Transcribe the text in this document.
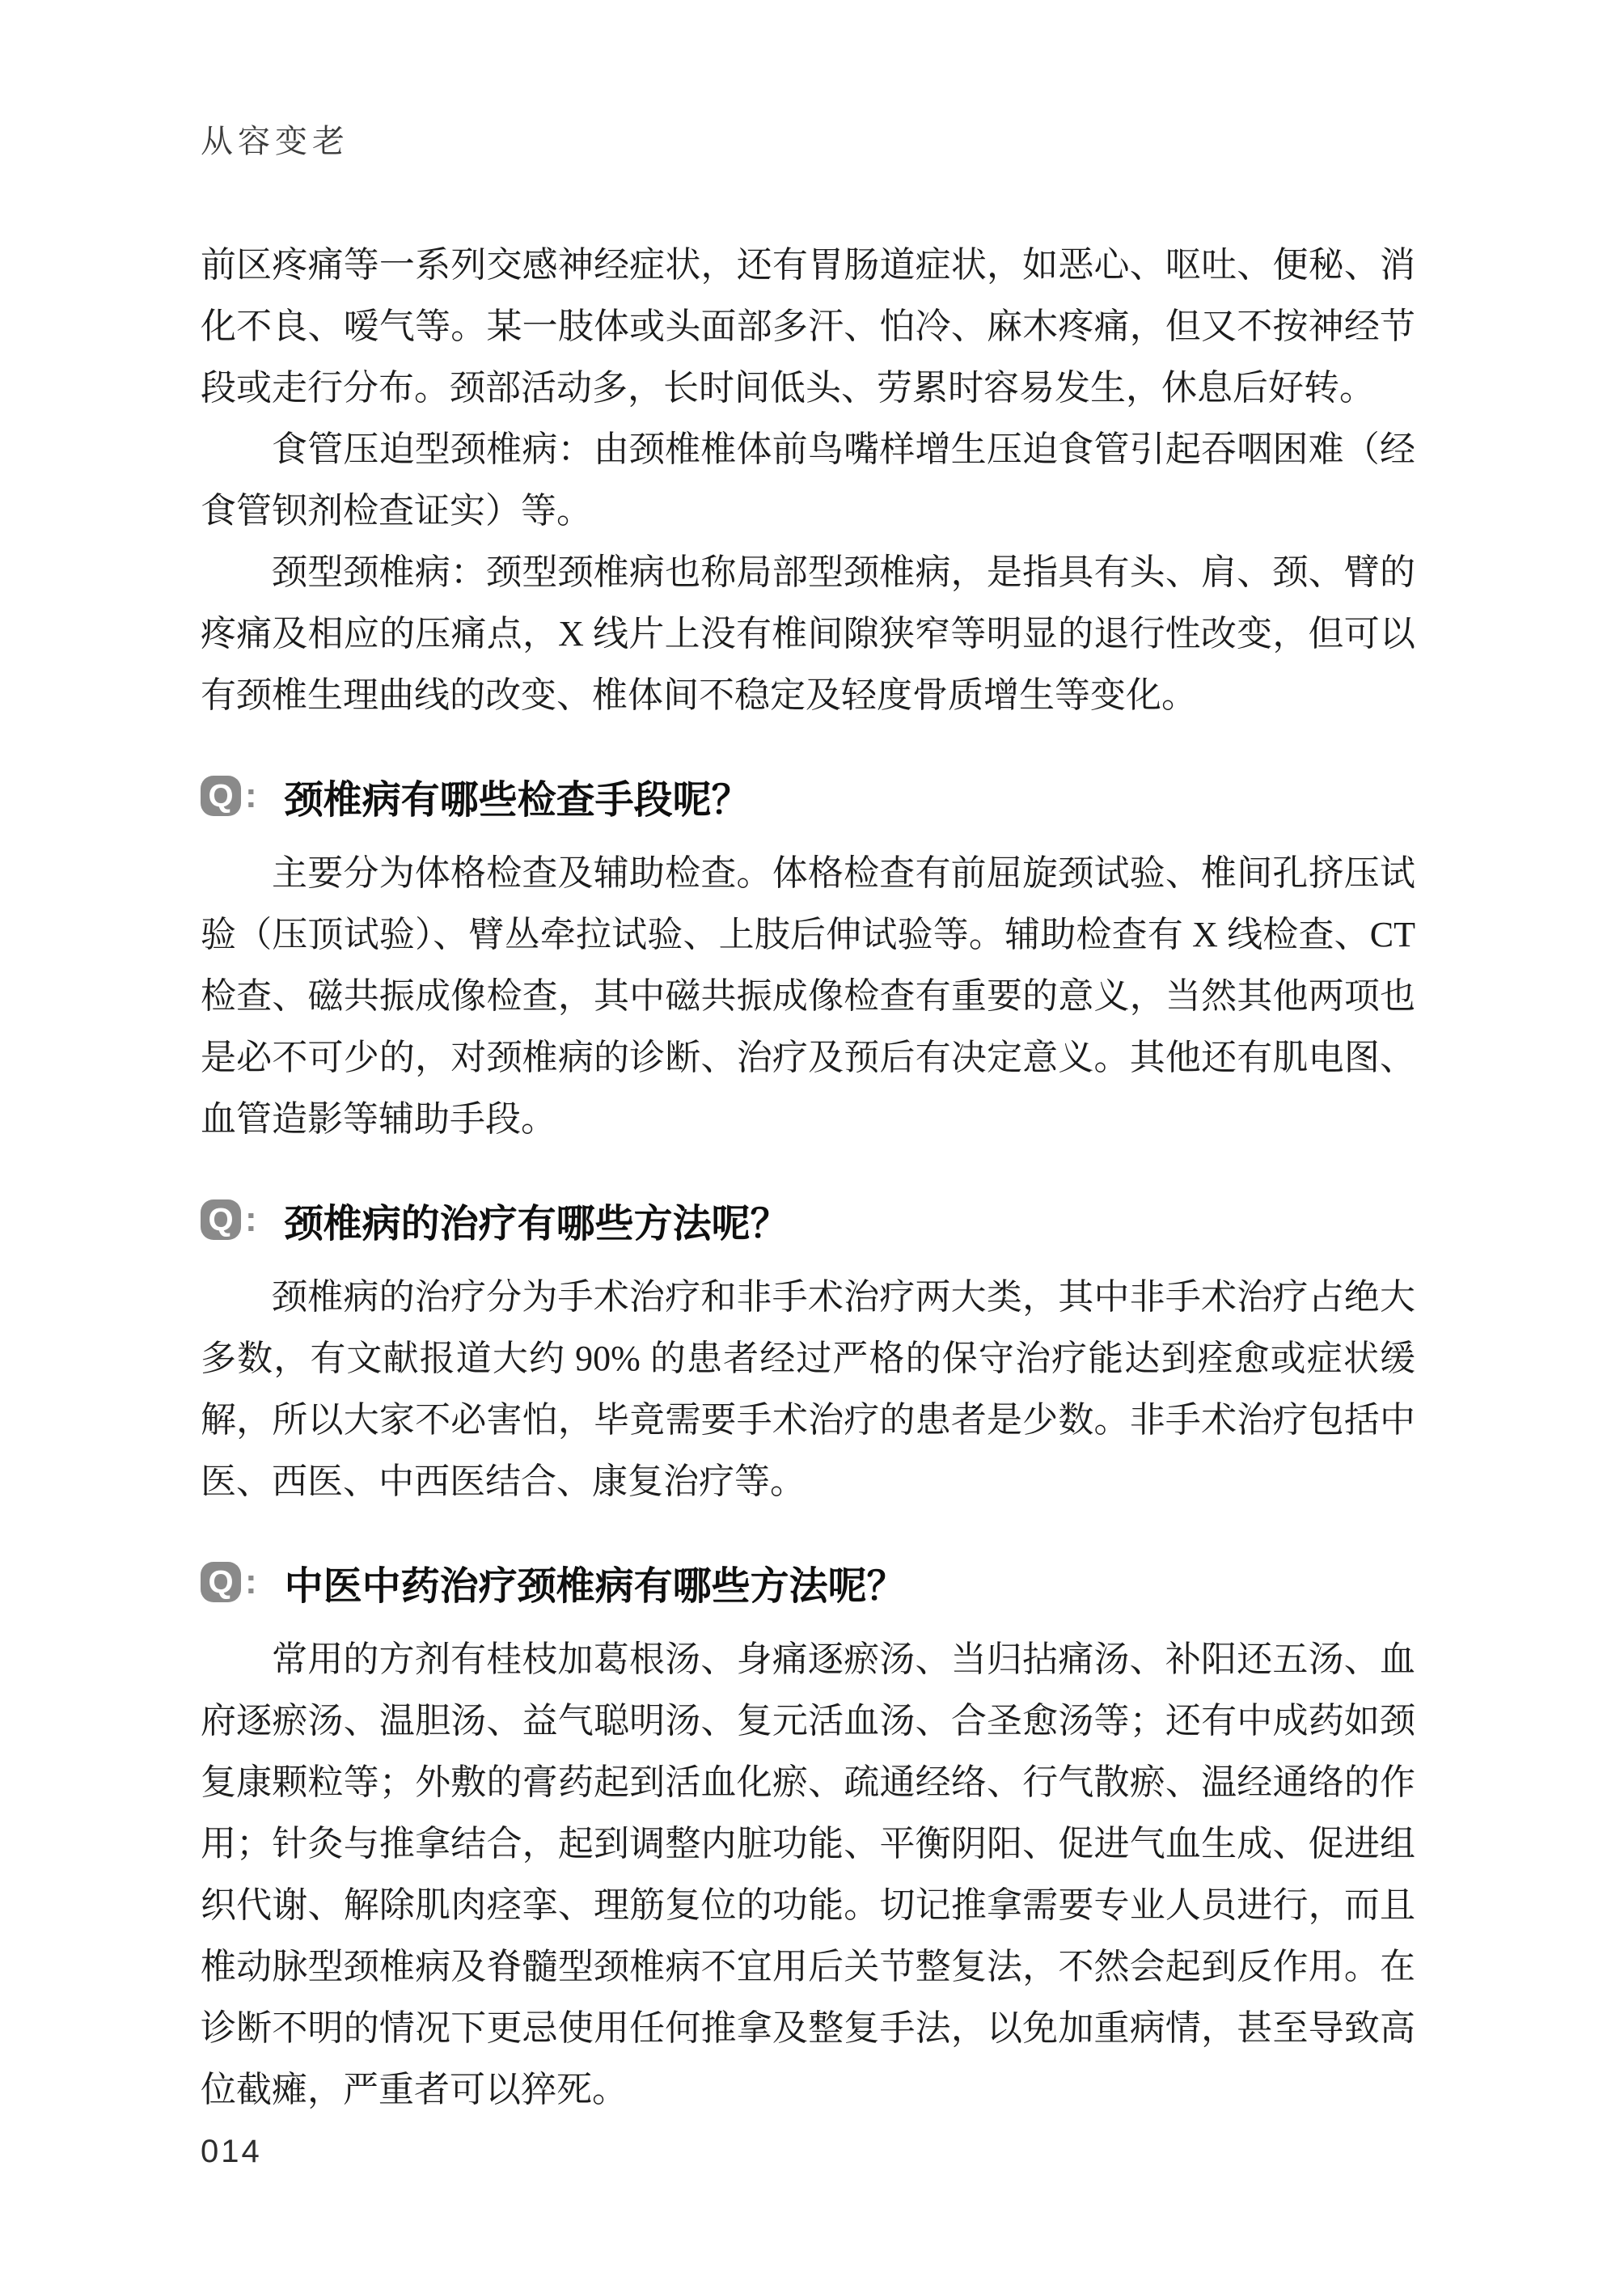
从容变老

前区疼痛等一系列交感神经症状，还有胃肠道症状，如恶心、呕吐、便秘、消化不良、嗳气等。某一肢体或头面部多汗、怕冷、麻木疼痛，但又不按神经节段或走行分布。颈部活动多，长时间低头、劳累时容易发生，休息后好转。

食管压迫型颈椎病：由颈椎椎体前鸟嘴样增生压迫食管引起吞咽困难（经食管钡剂检查证实）等。

颈型颈椎病：颈型颈椎病也称局部型颈椎病，是指具有头、肩、颈、臂的疼痛及相应的压痛点，X 线片上没有椎间隙狭窄等明显的退行性改变，但可以有颈椎生理曲线的改变、椎体间不稳定及轻度骨质增生等变化。

Q : 颈椎病有哪些检查手段呢？

主要分为体格检查及辅助检查。体格检查有前屈旋颈试验、椎间孔挤压试验（压顶试验）、臂丛牵拉试验、上肢后伸试验等。辅助检查有 X 线检查、CT 检查、磁共振成像检查，其中磁共振成像检查有重要的意义，当然其他两项也是必不可少的，对颈椎病的诊断、治疗及预后有决定意义。其他还有肌电图、血管造影等辅助手段。

Q : 颈椎病的治疗有哪些方法呢？

颈椎病的治疗分为手术治疗和非手术治疗两大类，其中非手术治疗占绝大多数，有文献报道大约 90% 的患者经过严格的保守治疗能达到痊愈或症状缓解，所以大家不必害怕，毕竟需要手术治疗的患者是少数。非手术治疗包括中医、西医、中西医结合、康复治疗等。

Q : 中医中药治疗颈椎病有哪些方法呢？

常用的方剂有桂枝加葛根汤、身痛逐瘀汤、当归拈痛汤、补阳还五汤、血府逐瘀汤、温胆汤、益气聪明汤、复元活血汤、合圣愈汤等；还有中成药如颈复康颗粒等；外敷的膏药起到活血化瘀、疏通经络、行气散瘀、温经通络的作用；针灸与推拿结合，起到调整内脏功能、平衡阴阳、促进气血生成、促进组织代谢、解除肌肉痉挛、理筋复位的功能。切记推拿需要专业人员进行，而且椎动脉型颈椎病及脊髓型颈椎病不宜用后关节整复法，不然会起到反作用。在诊断不明的情况下更忌使用任何推拿及整复手法，以免加重病情，甚至导致高位截瘫，严重者可以猝死。

014
